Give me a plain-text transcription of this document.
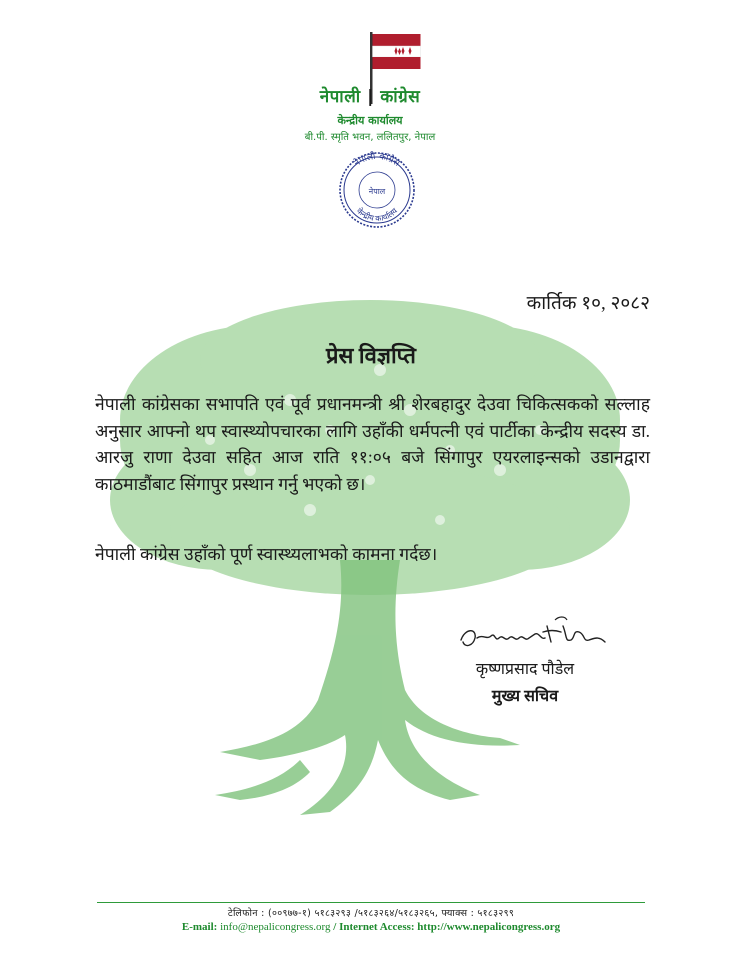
नेपाली | कांग्रेस
केन्द्रीय कार्यालय
बी.पी. स्मृति भवन, ललितपुर, नेपाल
नेपाली कांग्रेस
नेपाल
केन्द्रीय कार्यालय
कार्तिक १०, २०८२
प्रेस विज्ञप्ति
नेपाली कांग्रेसका सभापति एवं पूर्व प्रधानमन्त्री श्री शेरबहादुर देउवा चिकित्सकको सल्लाह अनुसार आफ्नो थप स्वास्थ्योपचारका लागि उहाँकी धर्मपत्नी एवं पार्टीका केन्द्रीय सदस्य डा. आरजु राणा देउवा सहित आज राति ११:०५ बजे सिंगापुर एयरलाइन्सको उडानद्वारा काठमाडौंबाट सिंगापुर प्रस्थान गर्नु भएको छ।
नेपाली कांग्रेस उहाँको पूर्ण स्वास्थ्यलाभको कामना गर्दछ।
कृष्णप्रसाद पौडेल
मुख्य सचिव
टेलिफोन : (००९७७-१) ५१८३२९३ /५१८३२६४/५१८३२६५, फ्याक्स : ५१८३२९९
E-mail: info@nepalicongress.org / Internet Access: http://www.nepalicongress.org
